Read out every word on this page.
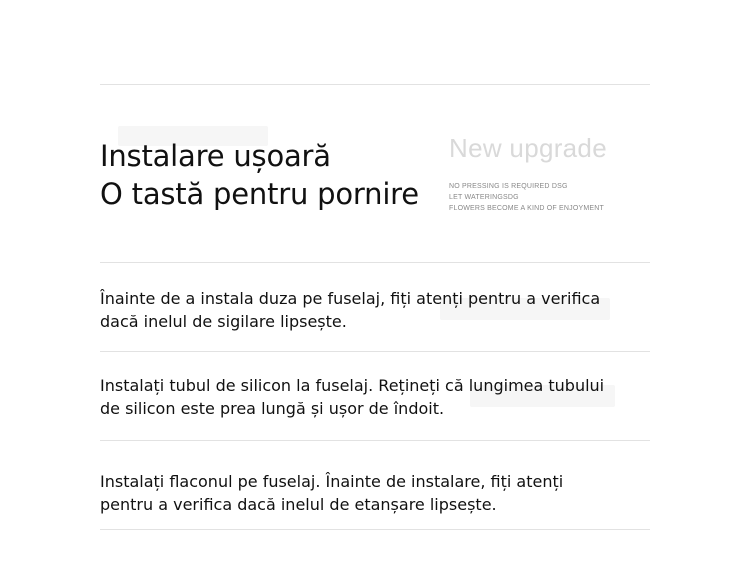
Instalare ușoară
O tastă pentru pornire
New upgrade
NO PRESSING IS REQUIRED DSG
LET WATERINGSDG
FLOWERS BECOME A KIND OF ENJOYMENT
Înainte de a instala duza pe fuselaj, fiți atenți pentru a verifica dacă inelul de sigilare lipsește.
Instalați tubul de silicon la fuselaj. Rețineți că lungimea tubului de silicon este prea lungă și ușor de îndoit.
Instalați flaconul pe fuselaj. Înainte de instalare, fiți atenți pentru a verifica dacă inelul de etanșare lipsește.
